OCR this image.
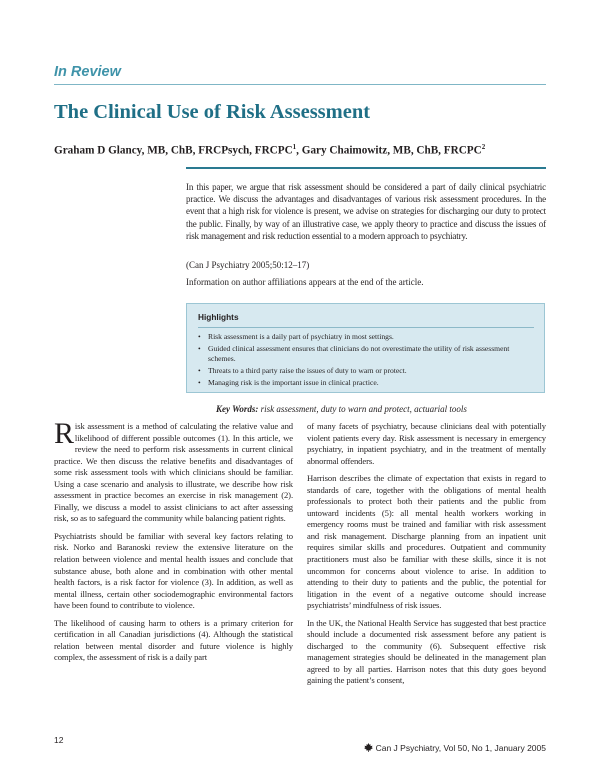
In Review
The Clinical Use of Risk Assessment
Graham D Glancy, MB, ChB, FRCPsych, FRCPC$^1$, Gary Chaimowitz, MB, ChB, FRCPC$^2$
In this paper, we argue that risk assessment should be considered a part of daily clinical psychiatric practice. We discuss the advantages and disadvantages of various risk assessment procedures. In the event that a high risk for violence is present, we advise on strategies for discharging our duty to protect the public. Finally, by way of an illustrative case, we apply theory to practice and discuss the issues of risk management and risk reduction essential to a modern approach to psychiatry.
(Can J Psychiatry 2005;50:12–17)
Information on author affiliations appears at the end of the article.
Highlights
• Risk assessment is a daily part of psychiatry in most settings.
• Guided clinical assessment ensures that clinicians do not overestimate the utility of risk assessment schemes.
• Threats to a third party raise the issues of duty to warn or protect.
• Managing risk is the important issue in clinical practice.
Key Words: risk assessment, duty to warn and protect, actuarial tools

Risk assessment is a method of calculating the relative value and likelihood of different possible outcomes (1). In this article, we review the need to perform risk assessments in current clinical practice. We then discuss the relative benefits and disadvantages of some risk assessment tools with which clinicians should be familiar. Using a case scenario and analysis to illustrate, we describe how risk assessment in practice becomes an exercise in risk management (2). Finally, we discuss a model to assist clinicians to act after assessing risk, so as to safeguard the community while balancing patient rights.

Psychiatrists should be familiar with several key factors relating to risk. Norko and Baranoski review the extensive literature on the relation between violence and mental health issues and conclude that substance abuse, both alone and in combination with other mental health factors, is a risk factor for violence (3). In addition, as well as mental illness, certain other sociodemographic environmental factors have been found to contribute to violence.

The likelihood of causing harm to others is a primary criterion for certification in all Canadian jurisdictions (4). Although the statistical relation between mental disorder and future violence is highly complex, the assessment of risk is a daily part

of many facets of psychiatry, because clinicians deal with potentially violent patients every day. Risk assessment is necessary in emergency psychiatry, in inpatient psychiatry, and in the treatment of mentally abnormal offenders.

Harrison describes the climate of expectation that exists in regard to standards of care, together with the obligations of mental health professionals to protect both their patients and the public from untoward incidents (5): all mental health workers working in emergency rooms must be trained and familiar with risk assessment and risk management. Discharge planning from an inpatient unit requires similar skills and procedures. Outpatient and community practitioners must also be familiar with these skills, since it is not uncommon for concerns about violence to arise. In addition to attending to their duty to patients and the public, the potential for litigation in the event of a negative outcome should increase psychiatrists’ mindfulness of risk issues.

In the UK, the National Health Service has suggested that best practice should include a documented risk assessment before any patient is discharged to the community (6). Subsequent effective risk management strategies should be delineated in the management plan agreed to by all parties. Harrison notes that this duty goes beyond gaining the patient’s consent,

12
Can J Psychiatry, Vol 50, No 1, January 2005
